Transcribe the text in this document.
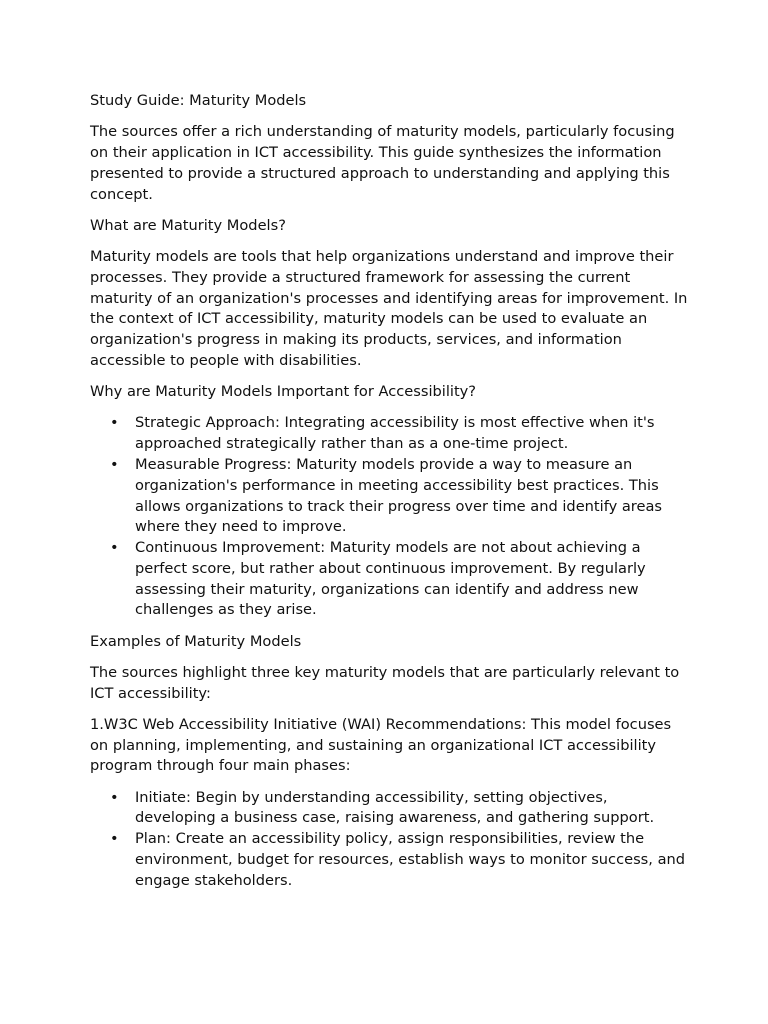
Study Guide: Maturity Models

The sources offer a rich understanding of maturity models, particularly focusing on their application in ICT accessibility. This guide synthesizes the information presented to provide a structured approach to understanding and applying this concept.

What are Maturity Models?

Maturity models are tools that help organizations understand and improve their processes. They provide a structured framework for assessing the current maturity of an organization's processes and identifying areas for improvement. In the context of ICT accessibility, maturity models can be used to evaluate an organization's progress in making its products, services, and information accessible to people with disabilities.

Why are Maturity Models Important for Accessibility?

• Strategic Approach: Integrating accessibility is most effective when it's approached strategically rather than as a one-time project.
• Measurable Progress: Maturity models provide a way to measure an organization's performance in meeting accessibility best practices. This allows organizations to track their progress over time and identify areas where they need to improve.
• Continuous Improvement: Maturity models are not about achieving a perfect score, but rather about continuous improvement. By regularly assessing their maturity, organizations can identify and address new challenges as they arise.

Examples of Maturity Models

The sources highlight three key maturity models that are particularly relevant to ICT accessibility:

1.W3C Web Accessibility Initiative (WAI) Recommendations: This model focuses on planning, implementing, and sustaining an organizational ICT accessibility program through four main phases:

• Initiate: Begin by understanding accessibility, setting objectives, developing a business case, raising awareness, and gathering support.
• Plan: Create an accessibility policy, assign responsibilities, review the environment, budget for resources, establish ways to monitor success, and engage stakeholders.
